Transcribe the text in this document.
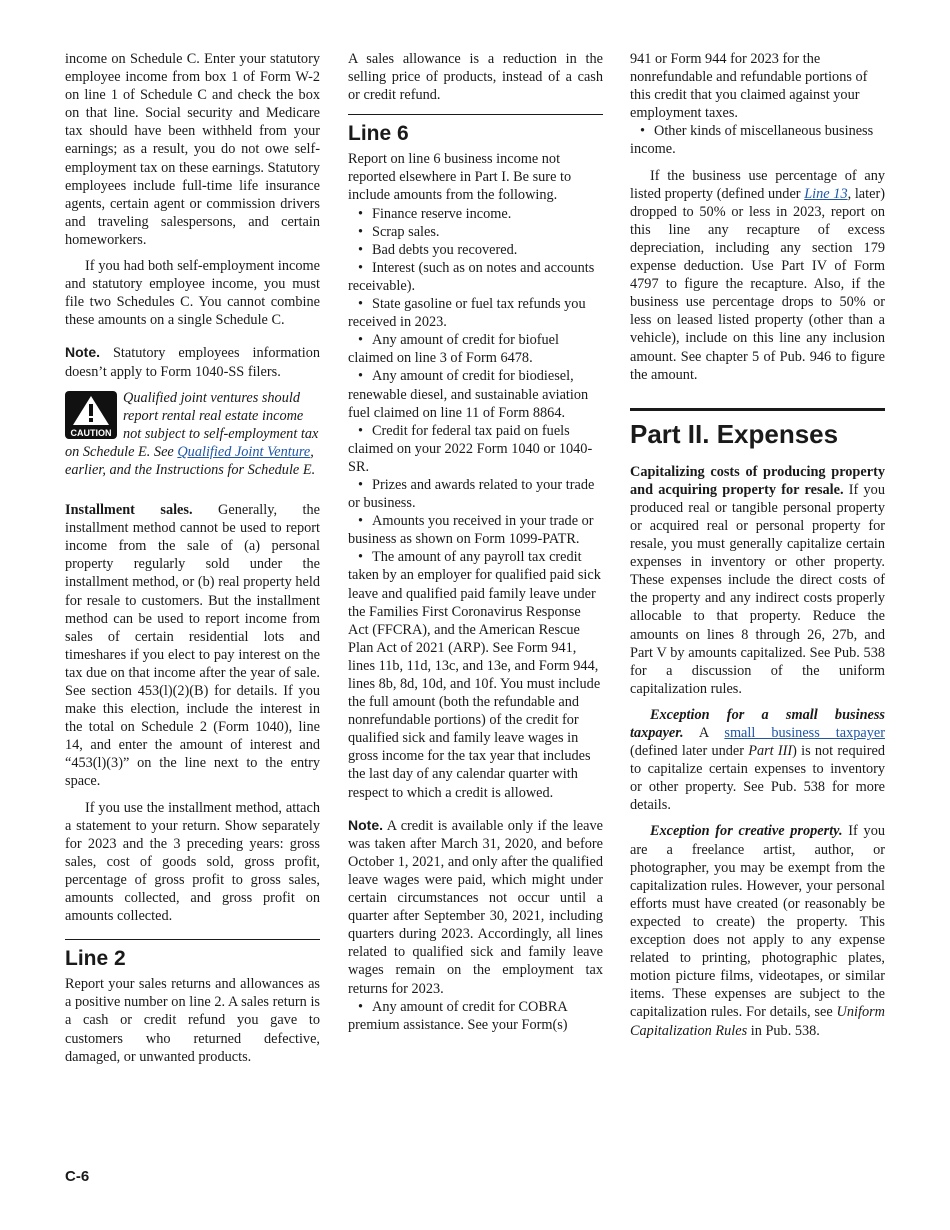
income on Schedule C. Enter your statutory employee income from box 1 of Form W-2 on line 1 of Schedule C and check the box on that line. Social security and Medicare tax should have been withheld from your earnings; as a result, you do not owe self-employment tax on these earnings. Statutory employees include full-time life insurance agents, certain agent or commission drivers and traveling salespersons, and certain homeworkers.

If you had both self-employment income and statutory employee income, you must file two Schedules C. You cannot combine these amounts on a single Schedule C.

Note. Statutory employees information doesn’t apply to Form 1040-SS filers.

CAUTION

Qualified joint ventures should report rental real estate income not subject to self-employment tax on Schedule E. See Qualified Joint Venture, earlier, and the Instructions for Schedule E.

Installment sales. Generally, the installment method cannot be used to report income from the sale of (a) personal property regularly sold under the installment method, or (b) real property held for resale to customers. But the installment method can be used to report income from sales of certain residential lots and timeshares if you elect to pay interest on the tax due on that income after the year of sale. See section 453(l)(2)(B) for details. If you make this election, include the interest in the total on Schedule 2 (Form 1040), line 14, and enter the amount of interest and “453(l)(3)” on the line next to the entry space.

If you use the installment method, attach a statement to your return. Show separately for 2023 and the 3 preceding years: gross sales, cost of goods sold, gross profit, percentage of gross profit to gross sales, amounts collected, and gross profit on amounts collected.

Line 2

Report your sales returns and allowances as a positive number on line 2. A sales return is a cash or credit refund you gave to customers who returned defective, damaged, or unwanted products.

A sales allowance is a reduction in the selling price of products, instead of a cash or credit refund.

Line 6

Report on line 6 business income not reported elsewhere in Part I. Be sure to include amounts from the following.

• Finance reserve income.

• Scrap sales.

• Bad debts you recovered.

• Interest (such as on notes and accounts receivable).

• State gasoline or fuel tax refunds you received in 2023.

• Any amount of credit for biofuel claimed on line 3 of Form 6478.

• Any amount of credit for biodiesel, renewable diesel, and sustainable aviation fuel claimed on line 11 of Form 8864.

• Credit for federal tax paid on fuels claimed on your 2022 Form 1040 or 1040-SR.

• Prizes and awards related to your trade or business.

• Amounts you received in your trade or business as shown on Form 1099-PATR.

• The amount of any payroll tax credit taken by an employer for qualified paid sick leave and qualified paid family leave under the Families First Coronavirus Response Act (FFCRA), and the American Rescue Plan Act of 2021 (ARP). See Form 941, lines 11b, 11d, 13c, and 13e, and Form 944, lines 8b, 8d, 10d, and 10f. You must include the full amount (both the refundable and nonrefundable portions) of the credit for qualified sick and family leave wages in gross income for the tax year that includes the last day of any calendar quarter with respect to which a credit is allowed.

Note. A credit is available only if the leave was taken after March 31, 2020, and before October 1, 2021, and only after the qualified leave wages were paid, which might under certain circumstances not occur until a quarter after September 30, 2021, including quarters during 2023. Accordingly, all lines related to qualified sick and family leave wages remain on the employment tax returns for 2023.

• Any amount of credit for COBRA premium assistance. See your Form(s)

941 or Form 944 for 2023 for the nonrefundable and refundable portions of this credit that you claimed against your employment taxes.

• Other kinds of miscellaneous business income.

If the business use percentage of any listed property (defined under Line 13, later) dropped to 50% or less in 2023, report on this line any recapture of excess depreciation, including any section 179 expense deduction. Use Part IV of Form 4797 to figure the recapture. Also, if the business use percentage drops to 50% or less on leased listed property (other than a vehicle), include on this line any inclusion amount. See chapter 5 of Pub. 946 to figure the amount.

Part II. Expenses

Capitalizing costs of producing property and acquiring property for resale. If you produced real or tangible personal property or acquired real or personal property for resale, you must generally capitalize certain expenses in inventory or other property. These expenses include the direct costs of the property and any indirect costs properly allocable to that property. Reduce the amounts on lines 8 through 26, 27b, and Part V by amounts capitalized. See Pub. 538 for a discussion of the uniform capitalization rules.

Exception for a small business taxpayer. A small business taxpayer (defined later under Part III) is not required to capitalize certain expenses to inventory or other property. See Pub. 538 for more details.

Exception for creative property. If you are a freelance artist, author, or photographer, you may be exempt from the capitalization rules. However, your personal efforts must have created (or reasonably be expected to create) the property. This exception does not apply to any expense related to printing, photographic plates, motion picture films, videotapes, or similar items. These expenses are subject to the capitalization rules. For details, see Uniform Capitalization Rules in Pub. 538.

C-6
